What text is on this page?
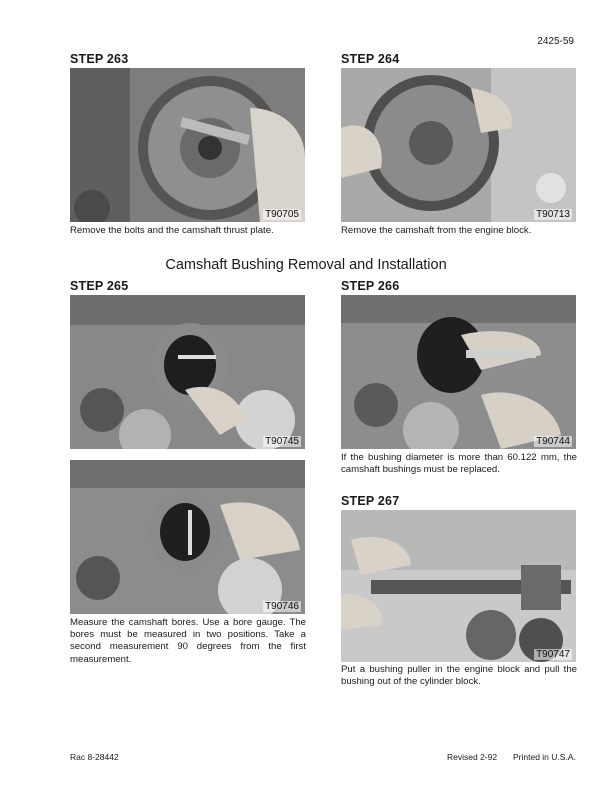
2425-59
STEP 263
T90705
Remove the bolts and the camshaft thrust plate.
STEP 264
T90713
Remove the camshaft from the engine block.
Camshaft Bushing Removal and Installation
STEP 265
T90745
T90746
Measure the camshaft bores. Use a bore gauge. The bores must be measured in two positions. Take a second measurement 90 degrees from the first measurement.
STEP 266
T90744
If the bushing diameter is more than 60.122 mm, the camshaft bushings must be replaced.
STEP 267
T90747
Put a bushing puller in the engine block and pull the bushing out of the cylinder block.
Rac 8-28442	Revised 2-92 Printed in U.S.A.
